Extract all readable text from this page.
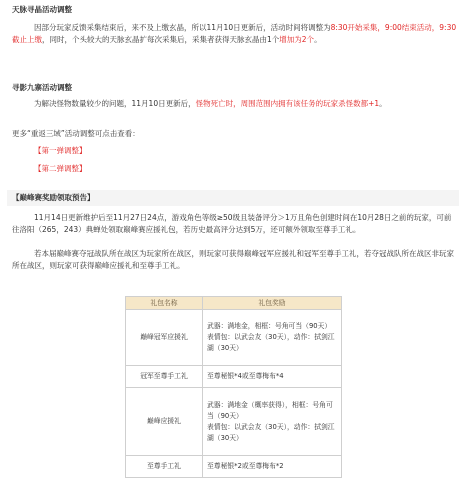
天脉寻晶活动调整
因部分玩家反馈采集结束后，来不及上缴玄晶，所以11月10日更新后，活动时间将调整为8:30开始采集，9:00结束活动，9:30截止上缴，同时，个头较大的天脉玄晶扩每次采集后，采集者获得天脉玄晶由1个增加为2个。
寻影九寨活动调整
为解决怪物数量较少的问题，11月10日更新后，怪物死亡时，周围范围内拥有该任务的玩家杀怪数都+1。
更多“重返三域”活动调整可点击查看：
【第一弹调整】
【第二弹调整】
【巅峰赛奖励领取预告】
11月14日更新维护后至11月27日24点，游戏角色等级≥50级且装备评分＞1万且角色创建时间在10月28日之前的玩家，可前往洛阳（265，243）典蝉处领取巅峰赛应援礼包，若历史最高评分达到5万，还可额外领取至尊手工礼。
若本届巅峰赛夺冠战队所在战区为玩家所在战区，则玩家可获得巅峰冠军应援礼和冠军至尊手工礼，若夺冠战队所在战区非玩家所在战区，则玩家可获得巅峰应援礼和至尊手工礼。
礼包名称	礼包奖励
巅峰冠军应援礼	武器：满地金，相框：号角可当（90天）
表情包：以武会友（30天），动作：拭剑江湖（30天）

冠军至尊手工礼	至尊秘银*4或至尊梅布*4

巅峰应援礼	武器：满地金（概率获得），相框：号角可当（90天）
表情包：以武会友（30天），动作：拭剑江湖（30天）

至尊手工礼	至尊秘银*2或至尊梅布*2
